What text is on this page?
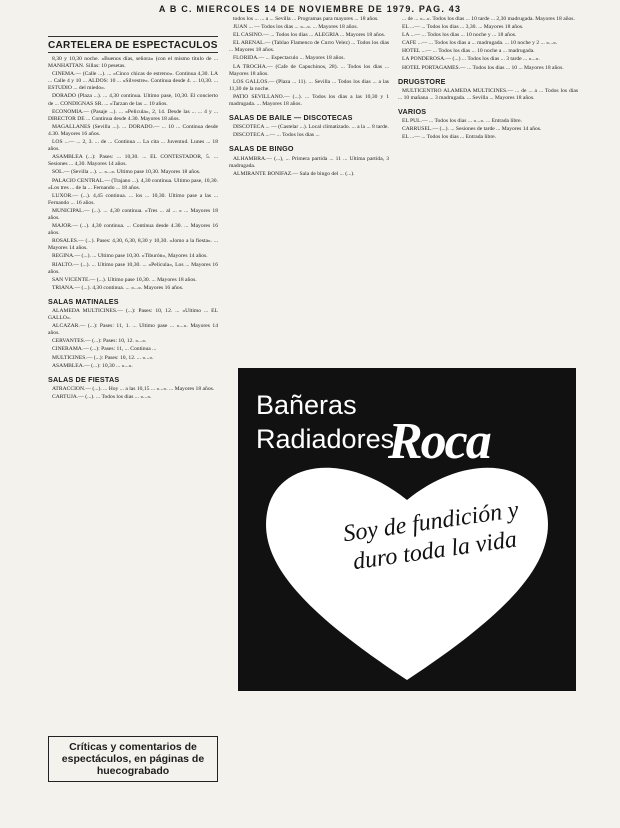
A B C. MIERCOLES 14 DE NOVIEMBRE DE 1979. PAG. 43
CARTELERA DE ESPECTACULOS

8,30 y 10,30 noche. «Buenos días, señora» (con el mismo título de ... MANHATTAN. Sillas: 10 pesetas.

CINEMA.— (Calle ...). ... «Cinco chicas de estreno». Continua 4,30. LA ... Calle 4 y 10 ... ALDOS: 10 ... «Silvestre». Continua desde 4. ... 10,30. ... ESTUDIO ... del miedo».

DORADO (Plaza ...). ... 4,30 continua. Ultimo pase, 10,30. El concierto de ... CONDIGNAS SR. ... «Tarzan de las ... 10 años.

ECONOMIA.— (Pasaje ...). ... «Pelicula», 2, 14. Desde las ... ... 4 y ... DIRECTOR DE ... Continua desde 4.30. Mayores 18 años.

MAGALLANES (Sevilla ...). ... DORADO.— ... 10 ... Continua desde 4.30. Mayores 16 años.

LOS ...— ... 2, 3. ... de ... Continua ... La cita ... Juventud. Lunes ... 18 años.

ASAMBLEA (...): Pases: ... 10,30. ... EL CONTESTADOR, 5. ... Sesiones ... 4,30. Mayores 14 años.

SOL.— (Sevilla ...). ... «...». Ultimo pase 10,30. Mayores 18 años.

PALACIO CENTRAL.— (Trajano ...). 4,30 continua. Ultimo pase, 10,30. «Los tres ... de la ... Fernando ... 18 años.

LUXOR.— (...). 4,45 continua. ... los ... 10,30. Ultimo pase a las ... Fernando ... 16 años.

MUNICIPAL.— (...). ... 4,30 continua. «Tres ... al ... » ... Mayores 18 años.

MAJOR.— (...). 4,30 continua. ... Continua desde 4.30. ... Mayores 16 años.

ROSALES.— (...). Pases: 4,30, 6,30, 8,30 y 10,30. «Jomo a la fiesta». ... Mayores 14 años.

REGINA.— (...). ... Ultimo pase 10,30. «Tiburón», Mayores 14 años.

RIALTO.— (...). ... Ultimo pase 10,30. ... «Película», Los ... Mayores 16 años.

SAN VICENTE.— (...). Ultimo pase 10,30. ... Mayores 18 años.

TRIANA.— (...). 4,30 continua. ... «...». Mayores 16 años.

SALAS MATINALES

ALAMEDA MULTICINES.— (...): Pases: 10, 12. ... «Ultimo ... EL GALLO».

ALCAZAR.— (...): Pases: 11, 1. ... Ultimo pase ... «...». Mayores 14 años.

CERVANTES.— (...): Pases: 10, 12. «...».

CINERAMA.— (...): Pases: 11, ... Continua ...

MULTICINES.— (...): Pases: 10, 12. ... «...».

ASAMBLEA.— (...): 10,30 ... «...».

SALAS DE FIESTAS

ATRACCION.— (...). ... Hoy ... a las 10,15 ... «...». ... Mayores 18 años.

CARTUJA.— (...). ... Todos los dias ... «...».

todos los ... ... a ... Sevilla ... Programas para mayores ... 18 años.

JUAN ... — Todos los dias ... «...». ... Mayores 18 años.

EL CASINO.— ... Todos los dias ... ALEGRIA ... Mayores 18 años.

EL ARENAL.— (Tablao Flamenco de Curro Velez) ... Todos los dias ... Mayores 18 años.

FLORIDA.— ... Espectaculo ... Mayores 18 años.

LA TROCHA.— (Cafe de Capuchinos, 28). ... Todos los dias ... Mayores 18 años.

LOS GALLOS.— (Plaza ... 11). ... Sevilla ... Todos los dias ... a las 11,30 de la noche.

PATIO SEVILLANO.— (...). ... Todos los dias a las 10,30 y 1 madrugada. ... Mayores 18 años.

SALAS DE BAILE — DISCOTECAS

DISCOTECA ... — (Castelar ...). Local climatizado. ... a la ... 8 tarde.

DISCOTECA ...— ... Todos los dias ...

SALAS DE BINGO

ALHAMBRA.— (...), ... Primera partida ... 11 ... Ultima partida, 3 madrugada.

ALMIRANTE BONIFAZ.— Sala de bingo del ... (...).

... de ... «...». Todos los dias ... 10 tarde ... 2,30 madrugada. Mayores 18 años.

EL ...— ... Todos los dias ... 3,30. ... Mayores 18 años.

LA ...— ... Todos los dias ... 10 noche y ... 18 años.

CAFE ...— ... Todos los dias a ... madrugada. ... 10 noche y 2 ... «...».

HOTEL ...— ... Todos los dias ... 10 noche a ... madrugada.

LA PONDEROSA.— (...) ... Todos los dias ... 3 tarde ... «...».

HOTEL PORTAGAMES.— ... Todos los dias ... 10 ... Mayores 18 años.

DRUGSTORE

MULTICENTRO ALAMEDA MULTICINES.— ... de ... a ... Todos los dias ... 10 mañana ... 3 madrugada. ... Sevilla ... Mayores 18 años.

VARIOS

EL PUL.— ... Todos los dias ... «...». ... Entrada libre.

CARRUSEL.— (...). ... Sesiones de tarde ... Mayores 14 años.

EL ...— ... Todos los dias ... Entrada libre.

Bañeras
Radiadores
Roca
Soy de fundición y duro toda la vida
Críticas y comentarios de espectáculos, en páginas de huecograbado
